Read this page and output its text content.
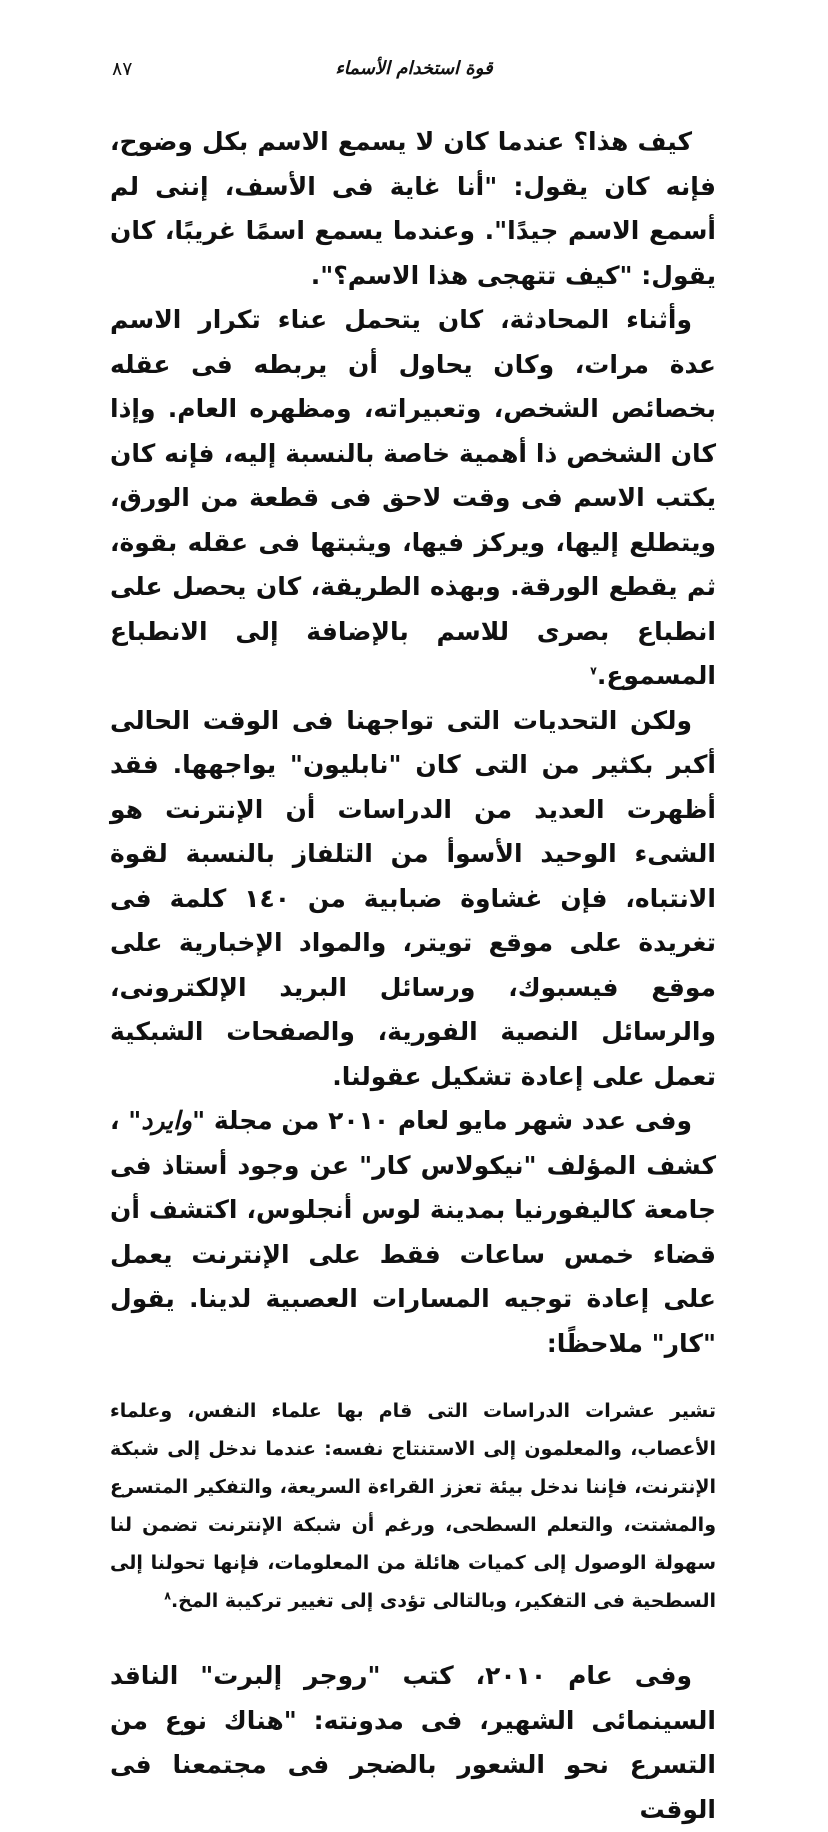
٨٧	قوة استخدام الأسماء

كيف هذا؟ عندما كان لا يسمع الاسم بكل وضوح، فإنه كان يقول: "أنا غاية فى الأسف، إننى لم أسمع الاسم جيدًا". وعندما يسمع اسمًا غريبًا، كان يقول: "كيف تتهجى هذا الاسم؟".

وأثناء المحادثة، كان يتحمل عناء تكرار الاسم عدة مرات، وكان يحاول أن يربطه فى عقله بخصائص الشخص، وتعبيراته، ومظهره العام. وإذا كان الشخص ذا أهمية خاصة بالنسبة إليه، فإنه كان يكتب الاسم فى وقت لاحق فى قطعة من الورق، ويتطلع إليها، ويركز فيها، ويثبتها فى عقله بقوة، ثم يقطع الورقة. وبهذه الطريقة، كان يحصل على انطباع بصرى للاسم بالإضافة إلى الانطباع المسموع.$^٧$

ولكن التحديات التى تواجهنا فى الوقت الحالى أكبر بكثير من التى كان "نابليون" يواجهها. فقد أظهرت العديد من الدراسات أن الإنترنت هو الشىء الوحيد الأسوأ من التلفاز بالنسبة لقوة الانتباه، فإن غشاوة ضبابية من ١٤٠ كلمة فى تغريدة على موقع تويتر، والمواد الإخبارية على موقع فيسبوك، ورسائل البريد الإلكترونى، والرسائل النصية الفورية، والصفحات الشبكية تعمل على إعادة تشكيل عقولنا.

وفى عدد شهر مايو لعام ٢٠١٠ من مجلة "وايرد" ، كشف المؤلف "نيكولاس كار" عن وجود أستاذ فى جامعة كاليفورنيا بمدينة لوس أنجلوس، اكتشف أن قضاء خمس ساعات فقط على الإنترنت يعمل على إعادة توجيه المسارات العصبية لدينا. يقول "كار" ملاحظًا:

تشير عشرات الدراسات التى قام بها علماء النفس، وعلماء الأعصاب، والمعلمون إلى الاستنتاج نفسه: عندما ندخل إلى شبكة الإنترنت، فإننا ندخل بيئة تعزز القراءة السريعة، والتفكير المتسرع والمشتت، والتعلم السطحى، ورغم أن شبكة الإنترنت تضمن لنا سهولة الوصول إلى كميات هائلة من المعلومات، فإنها تحولنا إلى السطحية فى التفكير، وبالتالى تؤدى إلى تغيير تركيبة المخ.$^٨$

وفى عام ٢٠١٠، كتب "روجر إلبرت" الناقد السينمائى الشهير، فى مدونته: "هناك نوع من التسرع نحو الشعور بالضجر فى مجتمعنا فى الوقت
